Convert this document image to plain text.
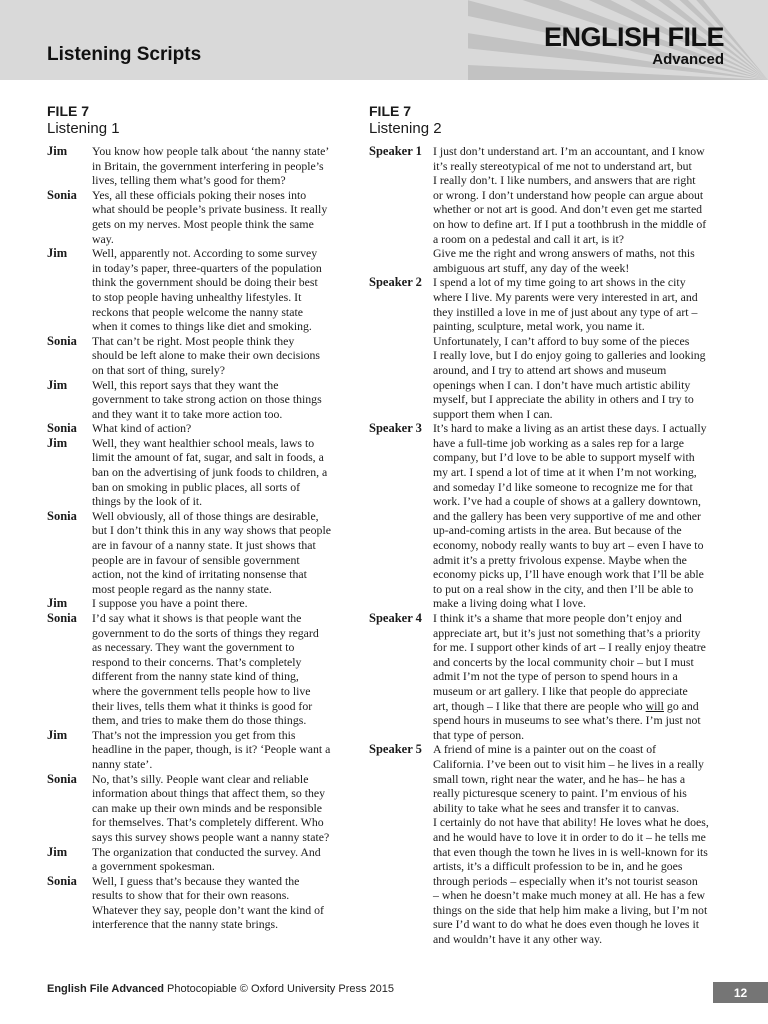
Listening Scripts
ENGLISH FILE
Advanced
FILE 7
Listening 1
Jim	You know how people talk about ‘the nanny state’
in Britain, the government interfering in people’s
lives, telling them what’s good for them?
Sonia	Yes, all these officials poking their noses into
what should be people’s private business. It really
gets on my nerves. Most people think the same
way.
Jim	Well, apparently not. According to some survey
in today’s paper, three-quarters of the population
think the government should be doing their best
to stop people having unhealthy lifestyles. It
reckons that people welcome the nanny state
when it comes to things like diet and smoking.
Sonia	That can’t be right. Most people think they
should be left alone to make their own decisions
on that sort of thing, surely?
Jim	Well, this report says that they want the
government to take strong action on those things
and they want it to take more action too.
Sonia	What kind of action?
Jim	Well, they want healthier school meals, laws to
limit the amount of fat, sugar, and salt in foods, a
ban on the advertising of junk foods to children, a
ban on smoking in public places, all sorts of
things by the look of it.
Sonia	Well obviously, all of those things are desirable,
but I don’t think this in any way shows that people
are in favour of a nanny state. It just shows that
people are in favour of sensible government
action, not the kind of irritating nonsense that
most people regard as the nanny state.
Jim	I suppose you have a point there.
Sonia	I’d say what it shows is that people want the
government to do the sorts of things they regard
as necessary. They want the government to
respond to their concerns. That’s completely
different from the nanny state kind of thing,
where the government tells people how to live
their lives, tells them what it thinks is good for
them, and tries to make them do those things.
Jim	That’s not the impression you get from this
headline in the paper, though, is it? ‘People want a
nanny state’.
Sonia	No, that’s silly. People want clear and reliable
information about things that affect them, so they
can make up their own minds and be responsible
for themselves. That’s completely different. Who
says this survey shows people want a nanny state?
Jim	The organization that conducted the survey. And
a government spokesman.
Sonia	Well, I guess that’s because they wanted the
results to show that for their own reasons.
Whatever they say, people don’t want the kind of
interference that the nanny state brings.
FILE 7
Listening 2
Speaker 1 I just don’t understand art. I’m an accountant, and I know
it’s really stereotypical of me not to understand art, but
I really don’t. I like numbers, and answers that are right
or wrong. I don’t understand how people can argue about
whether or not art is good. And don’t even get me started
on how to define art. If I put a toothbrush in the middle of
a room on a pedestal and call it art, is it?
Give me the right and wrong answers of maths, not this
ambiguous art stuff, any day of the week!
Speaker 2 I spend a lot of my time going to art shows in the city
where I live. My parents were very interested in art, and
they instilled a love in me of just about any type of art –
painting, sculpture, metal work, you name it.
Unfortunately, I can’t afford to buy some of the pieces
I really love, but I do enjoy going to galleries and looking
around, and I try to attend art shows and museum
openings when I can. I don’t have much artistic ability
myself, but I appreciate the ability in others and I try to
support them when I can.
Speaker 3 It’s hard to make a living as an artist these days. I actually
have a full-time job working as a sales rep for a large
company, but I’d love to be able to support myself with
my art. I spend a lot of time at it when I’m not working,
and someday I’d like someone to recognize me for that
work. I’ve had a couple of shows at a gallery downtown,
and the gallery has been very supportive of me and other
up-and-coming artists in the area. But because of the
economy, nobody really wants to buy art – even I have to
admit it’s a pretty frivolous expense. Maybe when the
economy picks up, I’ll have enough work that I’ll be able
to put on a real show in the city, and then I’ll be able to
make a living doing what I love.
Speaker 4 I think it’s a shame that more people don’t enjoy and
appreciate art, but it’s just not something that’s a priority
for me. I support other kinds of art – I really enjoy theatre
and concerts by the local community choir – but I must
admit I’m not the type of person to spend hours in a
museum or art gallery. I like that people do appreciate
art, though – I like that there are people who will go and
spend hours in museums to see what’s there. I’m just not
that type of person.
Speaker 5 A friend of mine is a painter out on the coast of
California. I’ve been out to visit him – he lives in a really
small town, right near the water, and he has– he has a
really picturesque scenery to paint. I’m envious of his
ability to take what he sees and transfer it to canvas.
I certainly do not have that ability! He loves what he does,
and he would have to love it in order to do it – he tells me
that even though the town he lives in is well-known for its
artists, it’s a difficult profession to be in, and he goes
through periods – especially when it’s not tourist season
– when he doesn’t make much money at all. He has a few
things on the side that help him make a living, but I’m not
sure I’d want to do what he does even though he loves it
and wouldn’t have it any other way.
English File Advanced Photocopiable © Oxford University Press 2015	12
